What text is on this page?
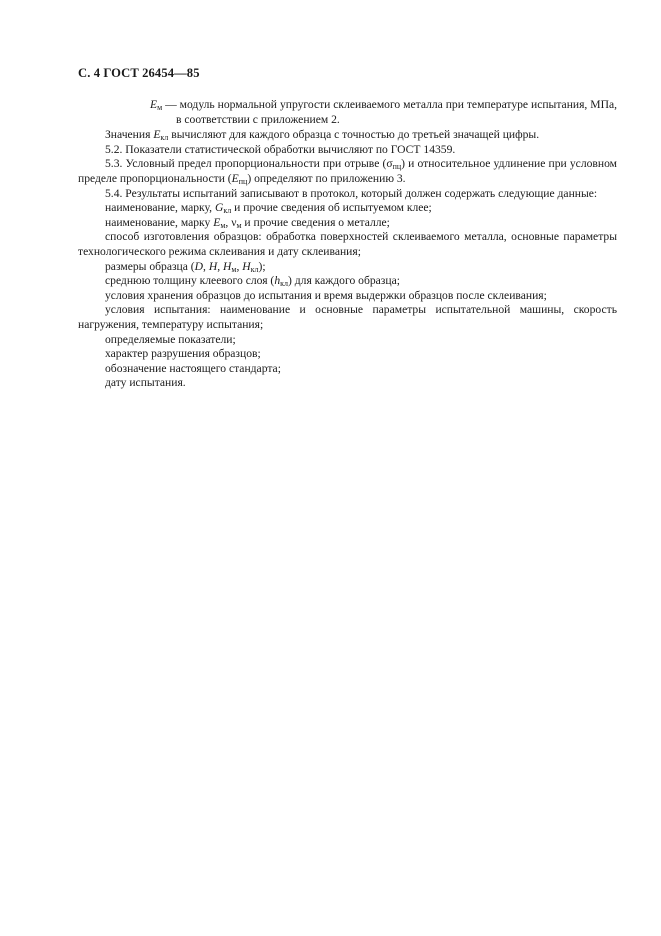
С. 4 ГОСТ 26454—85
$E_м$ — модуль нормальной упругости склеиваемого металла при температуре испытания, МПа, в соответствии с приложением 2.
Значения $E_{кл}$ вычисляют для каждого образца с точностью до третьей значащей цифры.
5.2. Показатели статистической обработки вычисляют по ГОСТ 14359.
5.3. Условный предел пропорциональности при отрыве $(\sigma_{пц})$ и относительное удлинение при условном пределе пропорциональности $(E_{пц})$ определяют по приложению 3.
5.4. Результаты испытаний записывают в протокол, который должен содержать следующие данные:
наименование, марку, $G_{кл}$ и прочие сведения об испытуемом клее;
наименование, марку $E_м$, $\nu_м$ и прочие сведения о металле;
способ изготовления образцов: обработка поверхностей склеиваемого металла, основные параметры технологического режима склеивания и дату склеивания;
размеры образца (D, H, $H_м$, $H_{кл}$);
среднюю толщину клеевого слоя $(h_{кл})$ для каждого образца;
условия хранения образцов до испытания и время выдержки образцов после склеивания;
условия испытания: наименование и основные параметры испытательной машины, скорость нагружения, температуру испытания;
определяемые показатели;
характер разрушения образцов;
обозначение настоящего стандарта;
дату испытания.
